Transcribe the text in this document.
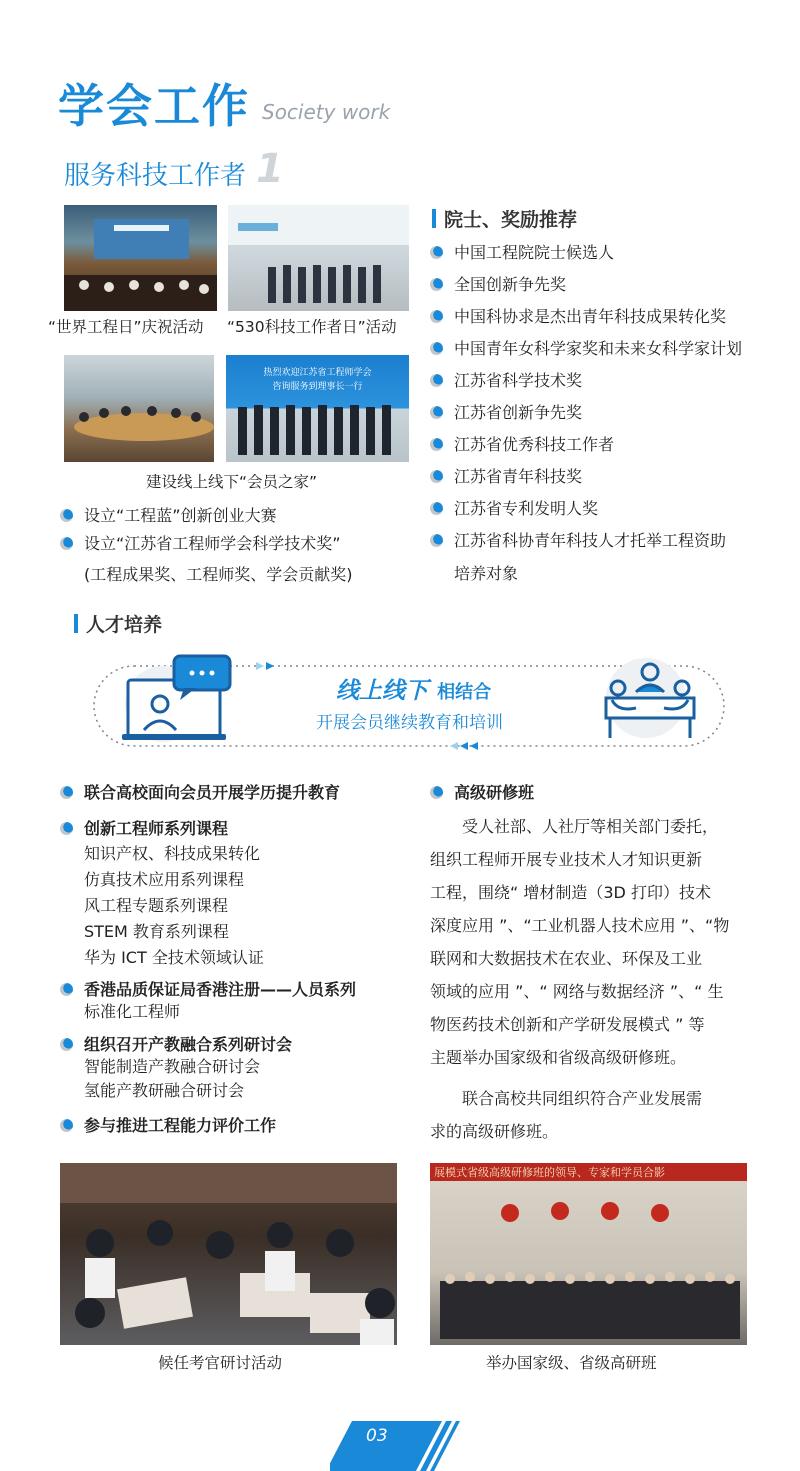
学会工作 Society work
服务科技工作者 1
“世界工程日”庆祝活动 “530科技工作者日”活动
热烈欢迎江苏省工程师学会
咨询服务到理事长一行
建设线上线下“会员之家”
设立“工程蓝”创新创业大赛
设立“江苏省工程师学会科学技术奖”
(工程成果奖、工程师奖、学会贡献奖)
院士、奖励推荐
中国工程院院士候选人
全国创新争先奖
中国科协求是杰出青年科技成果转化奖
中国青年女科学家奖和未来女科学家计划
江苏省科学技术奖
江苏省创新争先奖
江苏省优秀科技工作者
江苏省青年科技奖
江苏省专利发明人奖
江苏省科协青年科技人才托举工程资助
培养对象
人才培养
线上线下 相结合
开展会员继续教育和培训
联合高校面向会员开展学历提升教育
创新工程师系列课程
知识产权、科技成果转化
仿真技术应用系列课程
风工程专题系列课程
STEM 教育系列课程
华为 ICT 全技术领域认证
香港品质保证局香港注册——人员系列
标准化工程师
组织召开产教融合系列研讨会
智能制造产教融合研讨会
氢能产教研融合研讨会
参与推进工程能力评价工作
高级研修班
　　受人社部、人社厅等相关部门委托，
组织工程师开展专业技术人才知识更新
工程，围绕“ 增材制造（3D 打印）技术
深度应用 ”、“工业机器人技术应用 ”、“物
联网和大数据技术在农业、环保及工业
领域的应用 ”、“ 网络与数据经济 ”、“ 生
物医药技术创新和产学研发展模式 ” 等
主题举办国家级和省级高级研修班。
　　联合高校共同组织符合产业发展需
求的高级研修班。
展模式省级高级研修班的领导、专家和学员合影
候任考官研讨活动	举办国家级、省级高研班
03
